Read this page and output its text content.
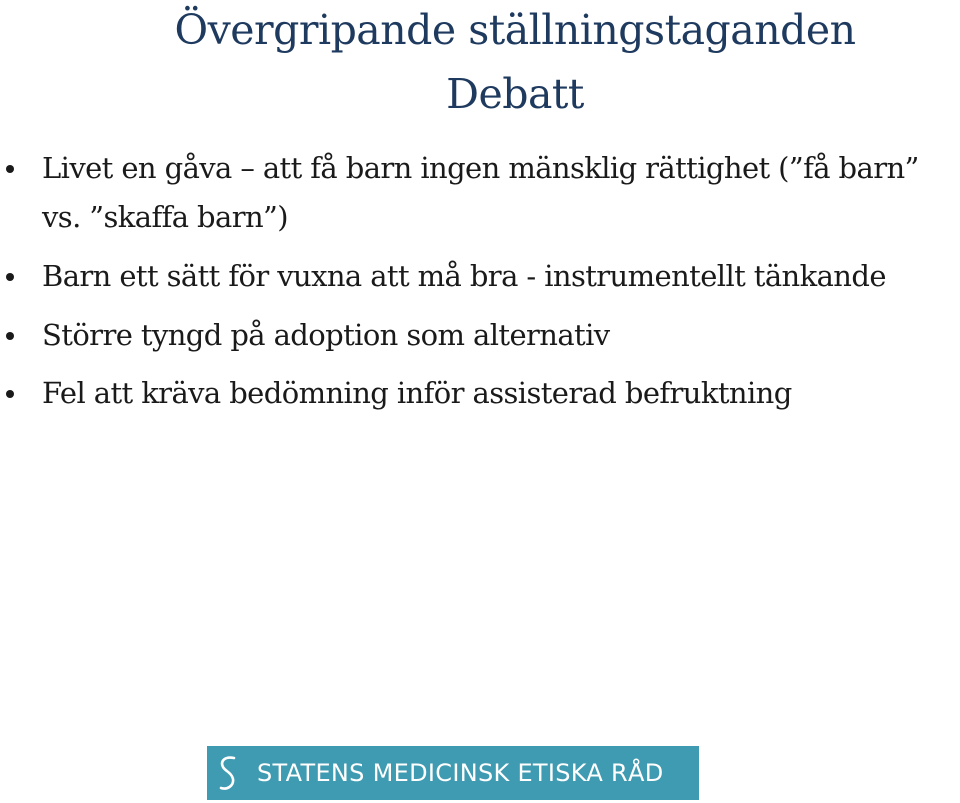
Övergripande ställningstaganden
Debatt
Livet en gåva – att få barn ingen mänsklig rättighet (”få barn” vs. ”skaffa barn”)
Barn ett sätt för vuxna att må bra - instrumentellt tänkande
Större tyngd på adoption som alternativ
Fel att kräva bedömning inför assisterad befruktning
STATENS MEDICINSK ETISKA RÅD
